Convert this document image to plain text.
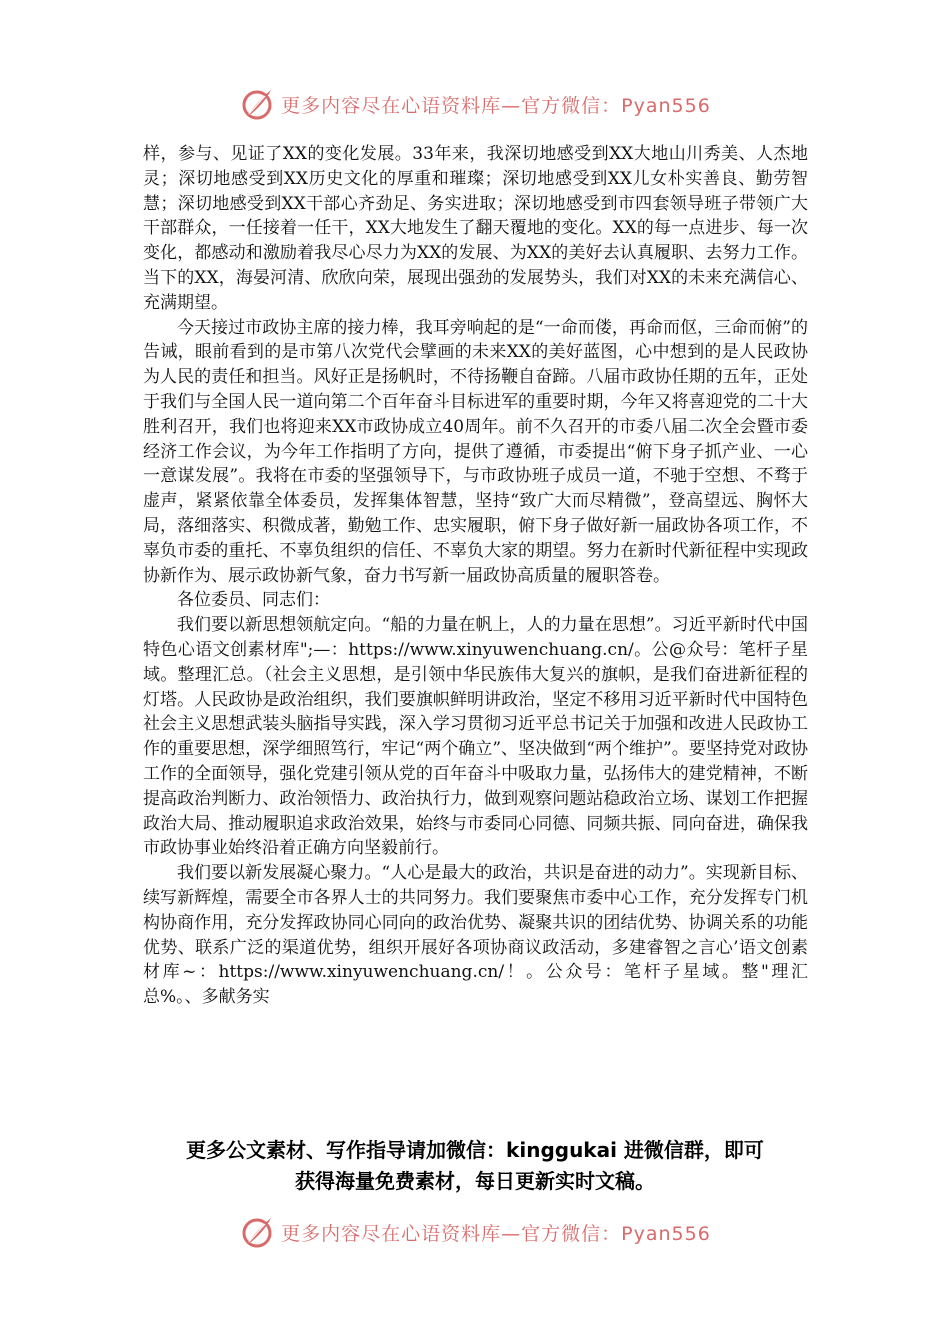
更多内容尽在心语资料库—官方微信：Pyan556

样，参与、见证了XX的变化发展。33年来，我深切地感受到XX大地山川秀美、人杰地灵；深切地感受到XX历史文化的厚重和璀璨；深切地感受到XX儿女朴实善良、勤劳智慧；深切地感受到XX干部心齐劲足、务实进取；深切地感受到市四套领导班子带领广大干部群众，一任接着一任干，XX大地发生了翻天覆地的变化。XX的每一点进步、每一次变化，都感动和激励着我尽心尽力为XX的发展、为XX的美好去认真履职、去努力工作。当下的XX，海晏河清、欣欣向荣，展现出强劲的发展势头，我们对XX的未来充满信心、充满期望。

今天接过市政协主席的接力棒，我耳旁响起的是“一命而偻，再命而伛，三命而俯”的告诫，眼前看到的是市第八次党代会擘画的未来XX的美好蓝图，心中想到的是人民政协为人民的责任和担当。风好正是扬帆时，不待扬鞭自奋蹄。八届市政协任期的五年，正处于我们与全国人民一道向第二个百年奋斗目标进军的重要时期，今年又将喜迎党的二十大胜利召开，我们也将迎来XX市政协成立40周年。前不久召开的市委八届二次全会暨市委经济工作会议，为今年工作指明了方向，提供了遵循，市委提出“俯下身子抓产业、一心一意谋发展”。我将在市委的坚强领导下，与市政协班子成员一道，不驰于空想、不骛于虚声，紧紧依靠全体委员，发挥集体智慧，坚持“致广大而尽精微”，登高望远、胸怀大局，落细落实、积微成著，勤勉工作、忠实履职，俯下身子做好新一届政协各项工作，不辜负市委的重托、不辜负组织的信任、不辜负大家的期望。努力在新时代新征程中实现政协新作为、展示政协新气象，奋力书写新一届政协高质量的履职答卷。

各位委员、同志们：

我们要以新思想领航定向。“船的力量在帆上，人的力量在思想”。习近平新时代中国特色心语文创素材库";—：https://www.xinyuwenchuang.cn/。公@众号：笔杆子星域。整理汇总。（社会主义思想，是引领中华民族伟大复兴的旗帜，是我们奋进新征程的灯塔。人民政协是政治组织，我们要旗帜鲜明讲政治，坚定不移用习近平新时代中国特色社会主义思想武装头脑指导实践，深入学习贯彻习近平总书记关于加强和改进人民政协工作的重要思想，深学细照笃行，牢记“两个确立”、坚决做到“两个维护”。要坚持党对政协工作的全面领导，强化党建引领从党的百年奋斗中吸取力量，弘扬伟大的建党精神，不断提高政治判断力、政治领悟力、政治执行力，做到观察问题站稳政治立场、谋划工作把握政治大局、推动履职追求政治效果，始终与市委同心同德、同频共振、同向奋进，确保我市政协事业始终沿着正确方向坚毅前行。

我们要以新发展凝心聚力。“人心是最大的政治，共识是奋进的动力”。实现新目标、续写新辉煌，需要全市各界人士的共同努力。我们要聚焦市委中心工作，充分发挥专门机构协商作用，充分发挥政协同心同向的政治优势、凝聚共识的团结优势、协调关系的功能优势、联系广泛的渠道优势，组织开展好各项协商议政活动，多建睿智之言心’语文创素材库~：https://www.xinyuwenchuang.cn/！。公众号：笔杆子星域。整"理汇总%。、多献务实

更多公文素材、写作指导请加微信：kinggukai 进微信群，即可
获得海量免费素材，每日更新实时文稿。
更多内容尽在心语资料库—官方微信：Pyan556
